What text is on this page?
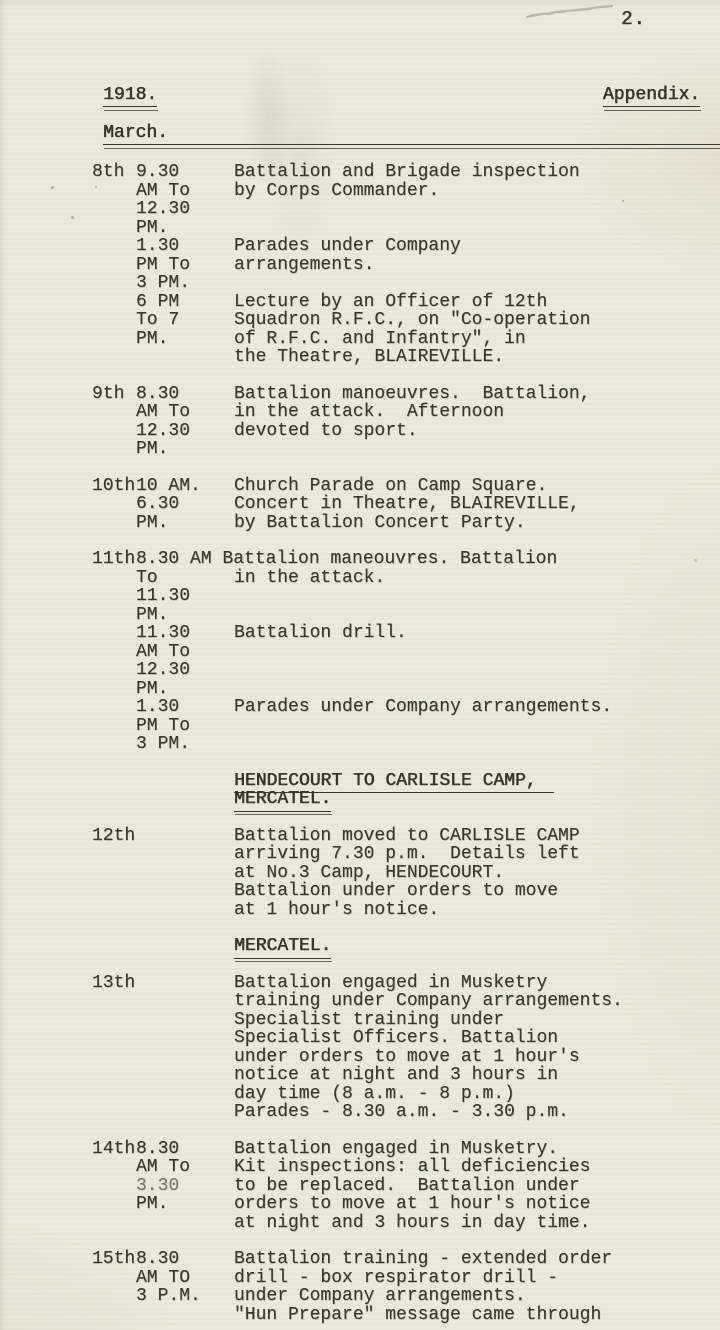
2.
1918.	Appendix.
March.
8th 9.30	Battalion and Brigade inspection
AM To	by Corps Commander.
12.30
PM.
1.30	Parades under Company
PM To	arrangements.
3 PM.
6 PM	Lecture by an Officer of 12th
To 7	Squadron R.F.C., on "Co-operation
PM.	of R.F.C. and Infantry", in
the Theatre, BLAIREVILLE.
9th 8.30	Battalion manoeuvres.  Battalion,
AM To	in the attack.  Afternoon
12.30	devoted to sport.
PM.
10th 10 AM.	Church Parade on Camp Square.
6.30	Concert in Theatre, BLAIREVILLE,
PM.	by Battalion Concert Party.
11th 8.30 AM Battalion maneouvres. Battalion
To	in the attack.
11.30
PM.
11.30	Battalion drill.
AM To
12.30
PM.
1.30	Parades under Company arrangements.
PM To
3 PM.
HENDECOURT TO CARLISLE CAMP,
MERCATEL.
12th	Battalion moved to CARLISLE CAMP
arriving 7.30 p.m.  Details left
at No.3 Camp, HENDECOURT.
Battalion under orders to move
at 1 hour's notice.
MERCATEL.
13th	Battalion engaged in Musketry
training under Company arrangements.
Specialist training under
Specialist Officers. Battalion
under orders to move at 1 hour's
notice at night and 3 hours in
day time (8 a.m. - 8 p.m.)
Parades - 8.30 a.m. - 3.30 p.m.
14th 8.30	Battalion engaged in Musketry.
AM To	Kit inspections: all deficiencies
3.30	to be replaced.  Battalion under
PM.	orders to move at 1 hour's notice
at night and 3 hours in day time.
15th 8.30	Battalion training - extended order
AM TO	drill - box respirator drill -
3 P.M.	under Company arrangements.
"Hun Prepare" message came through
